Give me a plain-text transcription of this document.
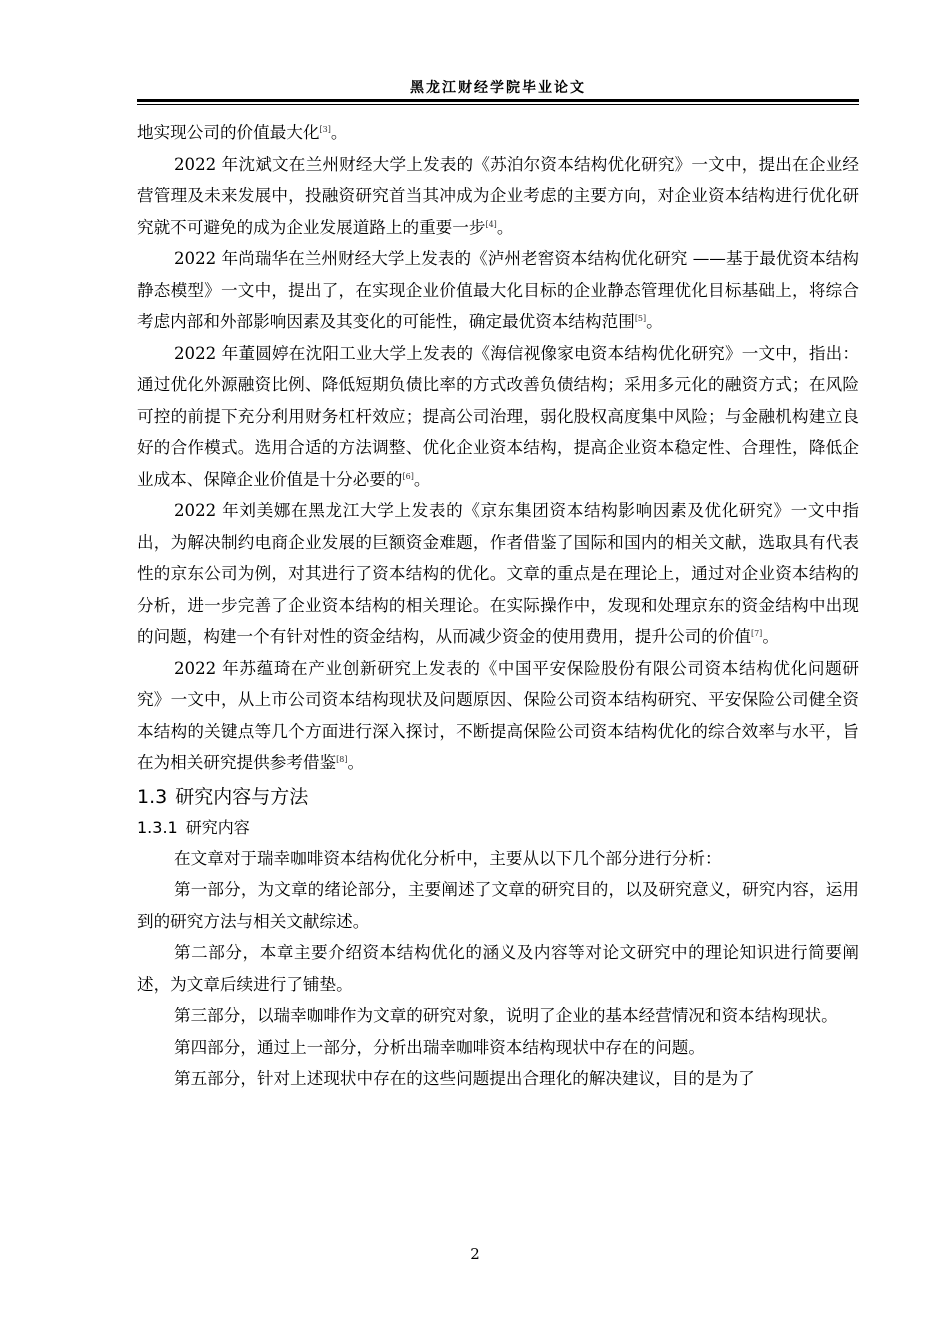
黑龙江财经学院毕业论文

地实现公司的价值最大化[3]。

2022 年沈斌文在兰州财经大学上发表的《苏泊尔资本结构优化研究》一文中，提出在企业经营管理及未来发展中，投融资研究首当其冲成为企业考虑的主要方向，对企业资本结构进行优化研究就不可避免的成为企业发展道路上的重要一步[4]。

2022 年尚瑞华在兰州财经大学上发表的《泸州老窖资本结构优化研究 ——基于最优资本结构静态模型》一文中，提出了，在实现企业价值最大化目标的企业静态管理优化目标基础上，将综合考虑内部和外部影响因素及其变化的可能性，确定最优资本结构范围[5]。

2022 年董圆婷在沈阳工业大学上发表的《海信视像家电资本结构优化研究》一文中，指出：通过优化外源融资比例、降低短期负债比率的方式改善负债结构；采用多元化的融资方式；在风险可控的前提下充分利用财务杠杆效应；提高公司治理，弱化股权高度集中风险；与金融机构建立良好的合作模式。选用合适的方法调整、优化企业资本结构，提高企业资本稳定性、合理性，降低企业成本、保障企业价值是十分必要的[6]。

2022 年刘美娜在黑龙江大学上发表的《京东集团资本结构影响因素及优化研究》一文中指出，为解决制约电商企业发展的巨额资金难题，作者借鉴了国际和国内的相关文献，选取具有代表性的京东公司为例，对其进行了资本结构的优化。文章的重点是在理论上，通过对企业资本结构的分析，进一步完善了企业资本结构的相关理论。在实际操作中，发现和处理京东的资金结构中出现的问题，构建一个有针对性的资金结构，从而减少资金的使用费用，提升公司的价值[7]。

2022 年苏蕴琦在产业创新研究上发表的《中国平安保险股份有限公司资本结构优化问题研究》一文中，从上市公司资本结构现状及问题原因、保险公司资本结构研究、平安保险公司健全资本结构的关键点等几个方面进行深入探讨，不断提高保险公司资本结构优化的综合效率与水平，旨在为相关研究提供参考借鉴[8]。

1.3 研究内容与方法
1.3.1 研究内容

在文章对于瑞幸咖啡资本结构优化分析中，主要从以下几个部分进行分析：

第一部分，为文章的绪论部分，主要阐述了文章的研究目的，以及研究意义，研究内容，运用到的研究方法与相关文献综述。

第二部分，本章主要介绍资本结构优化的涵义及内容等对论文研究中的理论知识进行简要阐述，为文章后续进行了铺垫。

第三部分，以瑞幸咖啡作为文章的研究对象，说明了企业的基本经营情况和资本结构现状。

第四部分，通过上一部分，分析出瑞幸咖啡资本结构现状中存在的问题。

第五部分，针对上述现状中存在的这些问题提出合理化的解决建议，目的是为了

2
